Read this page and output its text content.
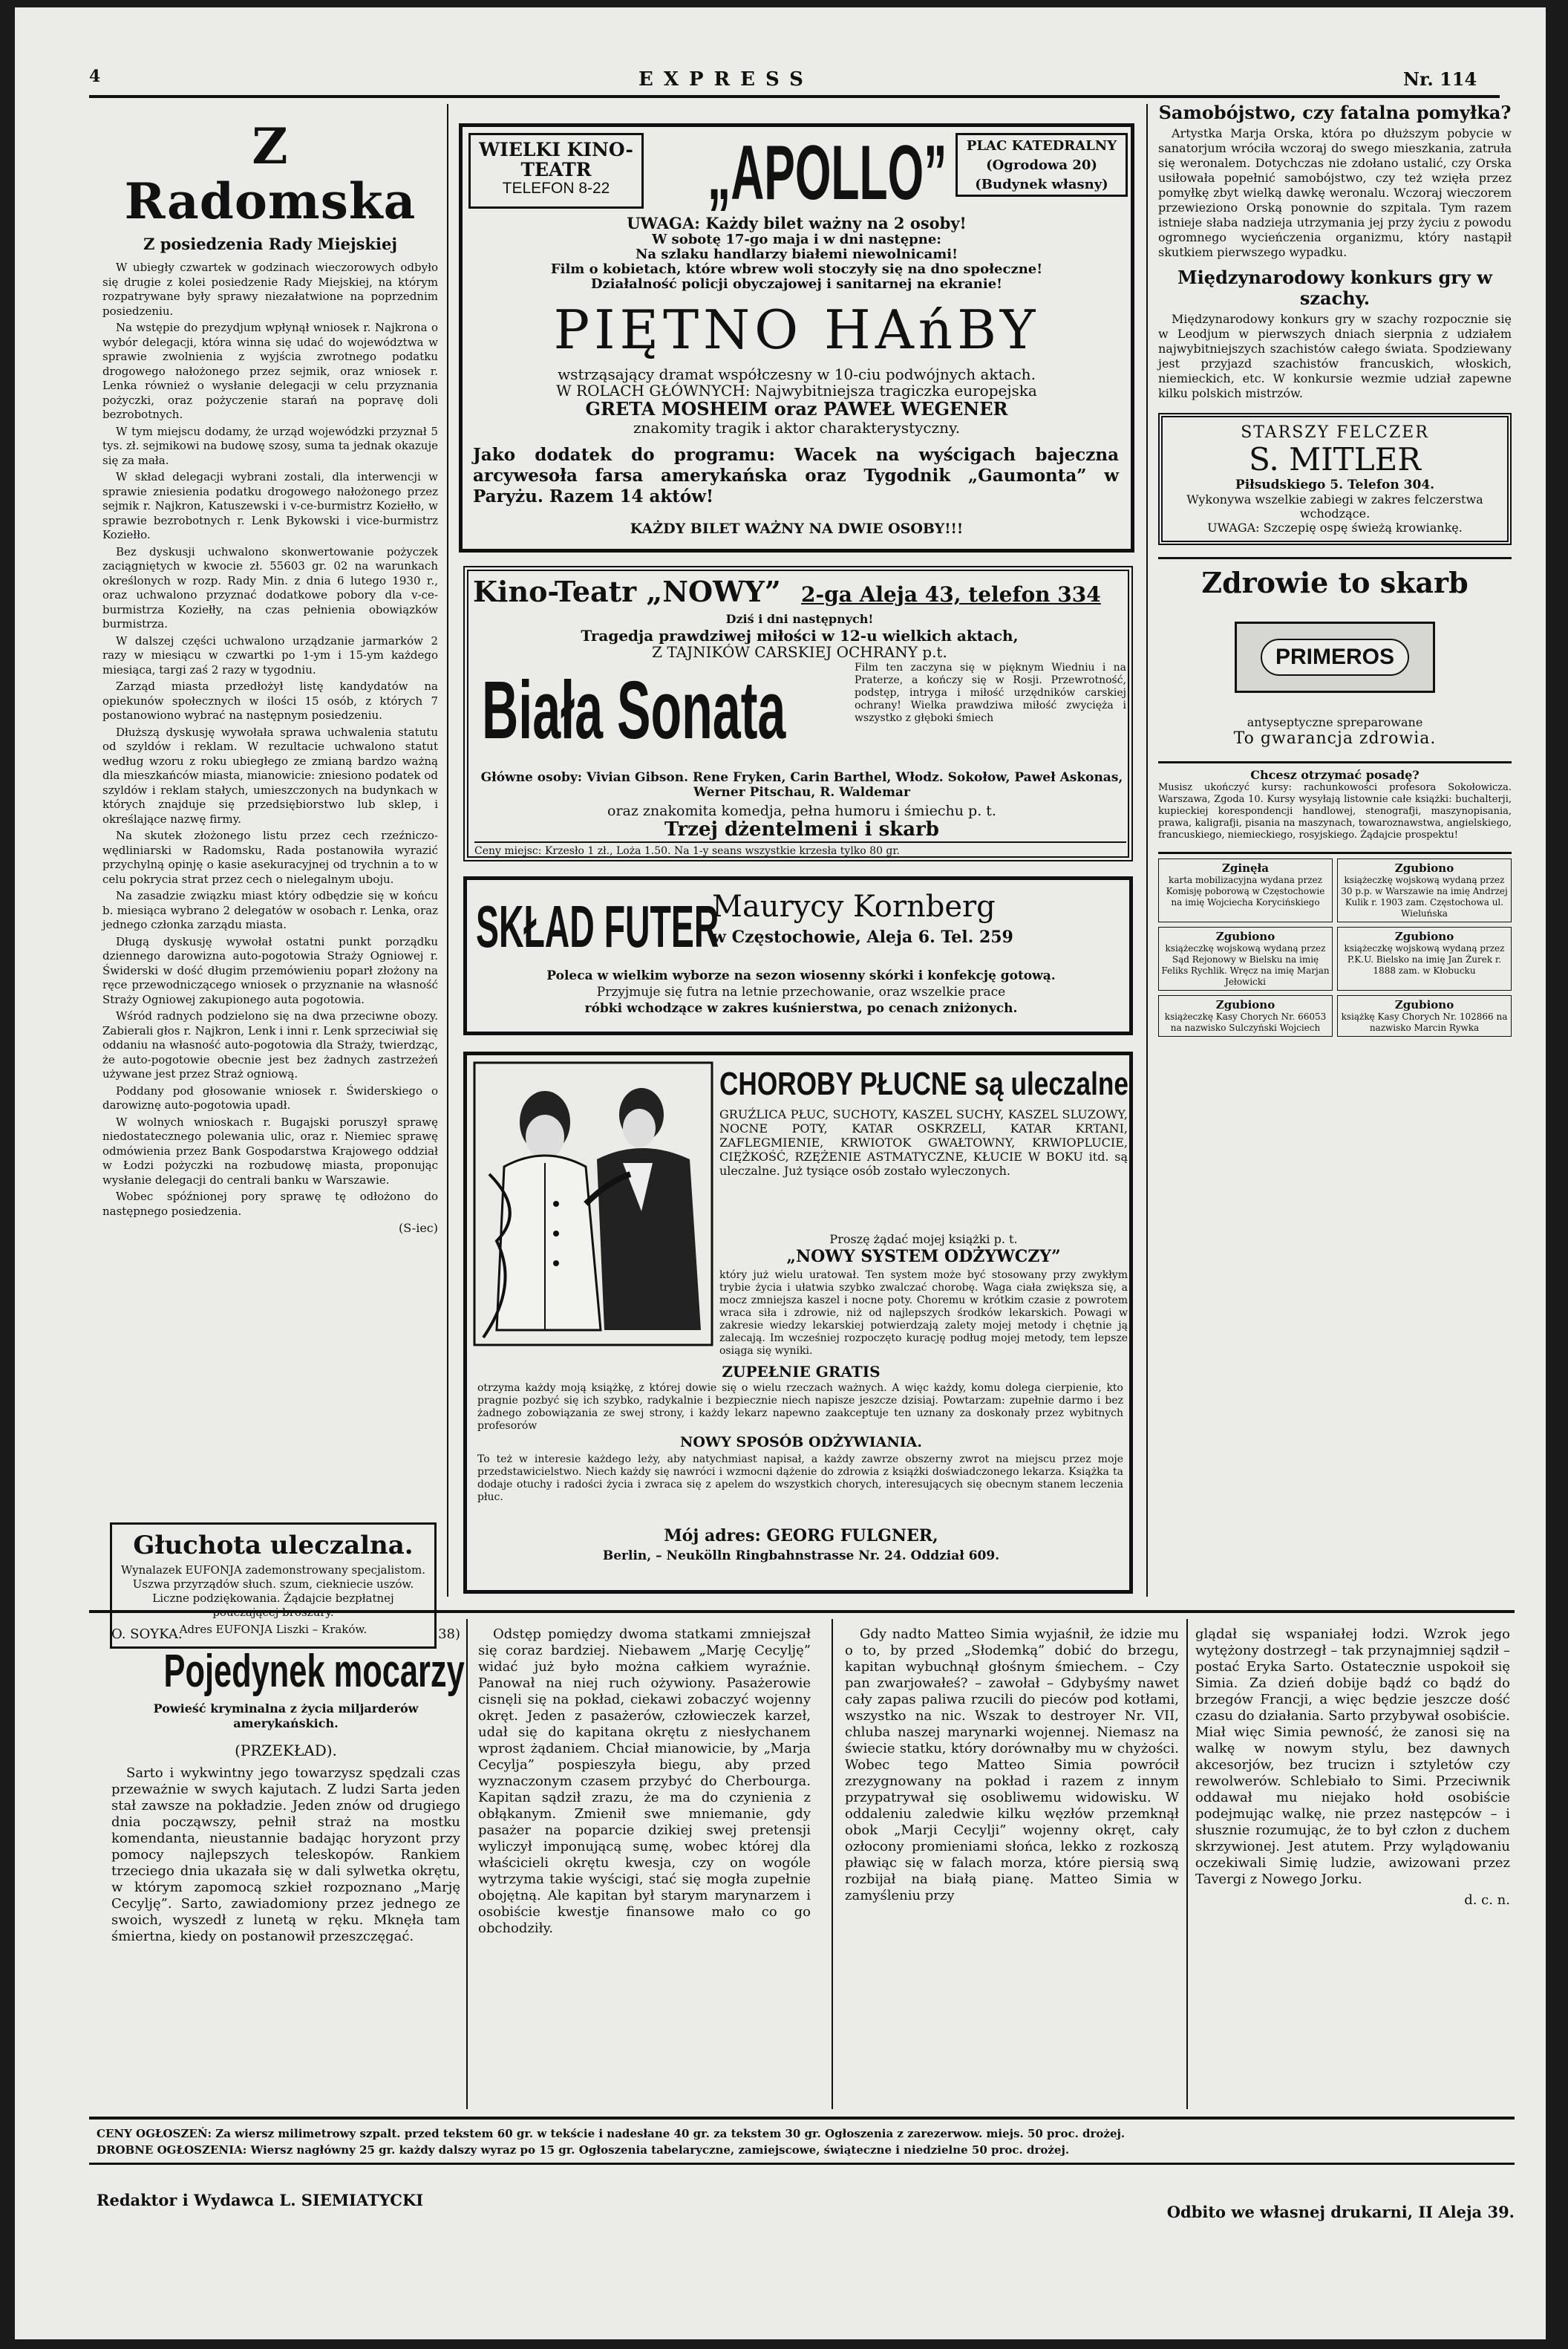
4	EXPRESS	Nr. 114
Z Radomska
Z posiedzenia Rady Miejskiej

W ubiegły czwartek w godzinach wieczorowych odbyło się drugie z kolei posiedzenie Rady Miejskiej, na którym rozpatrywane były sprawy niezałatwione na poprzednim posiedzeniu.

Na wstępie do prezydjum wpłynął wniosek r. Najkrona o wybór delegacji, która winna się udać do województwa w sprawie zwolnienia z wyjścia zwrotnego podatku drogowego nałożonego przez sejmik, oraz wniosek r. Lenka również o wysłanie delegacji w celu przyznania pożyczki, oraz pożyczenie starań na popravę doli bezrobotnych.

W tym miejscu dodamy, że urząd wojewódzki przyznał 5 tys. zł. sejmikowi na budowę szosy, suma ta jednak okazuje się za mała.

W skład delegacji wybrani zostali, dla interwencji w sprawie zniesienia podatku drogowego nałożonego przez sejmik r. Najkron, Katuszewski i v-ce-burmistrz Koziełło, w sprawie bezrobotnych r. Lenk Bykowski i vice-burmistrz Koziełło.

Bez dyskusji uchwalono skonwertowanie pożyczek zaciągniętych w kwocie zł. 55603 gr. 02 na warunkach określonych w rozp. Rady Min. z dnia 6 lutego 1930 r., oraz uchwalono przyznać dodatkowe pobory dla v-ce-burmistrza Koziełły, na czas pełnienia obowiązków burmistrza.

W dalszej części uchwalono urządzanie jarmarków 2 razy w miesiącu w czwartki po 1-ym i 15-ym każdego miesiąca, targi zaś 2 razy w tygodniu.

Zarząd miasta przedłożył listę kandydatów na opiekunów społecznych w ilości 15 osób, z których 7 postanowiono wybrać na następnym posiedzeniu.

Dłuższą dyskusję wywołała sprawa uchwalenia statutu od szyldów i reklam. W rezultacie uchwalono statut według wzoru z roku ubiegłego ze zmianą bardzo ważną dla mieszkańców miasta, mianowicie: zniesiono podatek od szyldów i reklam stałych, umieszczonych na budynkach w których znajduje się przedsiębiorstwo lub sklep, i określające nazwę firmy.

Na skutek złożonego listu przez cech rzeźniczo-wędliniarski w Radomsku, Rada postanowiła wyrazić przychylną opinję o kasie asekuracyjnej od trychnin a to w celu pokrycia strat przez cech o nielegalnym uboju.

Na zasadzie związku miast który odbędzie się w końcu b. miesiąca wybrano 2 delegatów w osobach r. Lenka, oraz jednego członka zarządu miasta.

Długą dyskusję wywołał ostatni punkt porządku dziennego darowizna auto-pogotowia Straży Ogniowej r. Świderski w dość długim przemówieniu poparł złożony na ręce przewodniczącego wniosek o przyznanie na własność Straży Ogniowej zakupionego auta pogotowia.

Wśród radnych podzielono się na dwa przeciwne obozy. Zabierali głos r. Najkron, Lenk i inni r. Lenk sprzeciwiał się oddaniu na własność auto-pogotowia dla Straży, twierdząc, że auto-pogotowie obecnie jest bez żadnych zastrzeżeń używane jest przez Straż ogniową.

Poddany pod głosowanie wniosek r. Świderskiego o darowiznę auto-pogotowia upadł.

W wolnych wnioskach r. Bugajski poruszył sprawę niedostatecznego polewania ulic, oraz r. Niemiec sprawę odmówienia przez Bank Gospodarstwa Krajowego oddział w Łodzi pożyczki na rozbudowę miasta, proponując wysłanie delegacji do centrali banku w Warszawie.

Wobec spóźnionej pory sprawę tę odłożono do następnego posiedzenia.

(S-iec)
Głuchota uleczalna.
Wynalazek EUFONJA zademonstrowany specjalistom. Uszwa przyrządów słuch. szum, ciekniecie uszów. Liczne podziękowania. Żądajcie bezpłatnej
Adres EUFONJA Liszki – Kraków.
WIELKI KINO-TEATR
TELEFON 8-22	„APOLLO”	PLAC KATEDRALNY (Ogrodowa 20) (Budynek własny)
UWAGA: Każdy bilet ważny na 2 osoby!
W sobotę 17-go maja i w dni następne:
Na szlaku handlarzy białemi niewolnicami!
Film o kobietach, które wbrew woli stoczyły się na dno społeczne!
Działalność policji obyczajowej i sanitarnej na ekranie!
PIĘTNO HAńBY
wstrząsający dramat współczesny w 10-ciu podwójnych aktach.
W ROLACH GŁÓWNYCH: Najwybitniejsza tragiczka europejska
GRETA MOSHEIM oraz PAWEŁ WEGENER
znakomity tragik i aktor charakterystyczny.
Jako dodatek do programu: Wacek na wyścigach bajeczna arcywesoła farsa amerykańska oraz Tygodnik „Gaumonta” w Paryżu. Razem 14 aktów!
KAŻDY BILET WAŻNY NA DWIE OSOBY!!!
Kino-Teatr „NOWY” 2-ga Aleja 43, telefon 334
Dziś i dni następnych!
Tragedja prawdziwej miłości w 12-u wielkich aktach,
Z TAJNIKÓW CARSKIEJ OCHRANY p.t.
Biała Sonata	Film ten zaczyna się w pięknym Wiedniu i na Praterze, a kończy się w Rosji. Przewrotność, podstęp, intryga i miłość urzędników carskiej ochrany! Wielka prawdziwa miłość zwycięża i wszystko z głęboki śmiech
Główne osoby: Vivian Gibson. Rene Fryken, Carin Barthel, Włodz. Sokołow, Paweł Askonas, Werner Pitschau, R. Waldemar
oraz znakomita komedja, pełna humoru i śmiechu p. t.
Trzej dżentelmeni i skarb
Ceny miejsc: Krzesło 1 zł., Loża 1.50. Na 1-y seans wszystkie krzesła tylko 80 gr.
SKŁAD FUTER
Maurycy Kornberg
w Częstochowie, Aleja 6. Tel. 259
Poleca w wielkim wyborze na sezon wiosenny skórki i konfekcję gotową.
Przyjmuje się futra na letnie przechowanie, oraz wszelkie prace
róbki wchodzące w zakres kuśnierstwa, po cenach zniżonych.
CHOROBY PŁUCNE są uleczalne
GRUŹLICA PŁUC, SUCHOTY, KASZEL SUCHY, KASZEL SLUZOWY, NOCNE POTY, KATAR OSKRZELI, KATAR KRTANI, ZAFLEGMIENIE, KRWIOTOK GWAŁTOWNY, KRWIOPLUCIE, CIĘŻKOŚĆ, RZĘŻENIE ASTMATYCZNE, KŁUCIE W BOKU itd. są uleczalne. Już tysiące osób zostało wyleczonych.
Proszę żądać mojej książki p. t.
„NOWY SYSTEM ODŻYWCZY”
który już wielu uratował. Ten system może być stosowany przy zwykłym trybie życia i ułatwia szybko zwalczać chorobę. Waga ciała zwiększa się, a mocz zmniejsza kaszel i nocne poty. Choremu w krótkim czasie z powrotem wraca siła i zdrowie, niż od najlepszych środków lekarskich. Powagi w zakresie wiedzy lekarskiej potwierdzają zalety mojej metody i chętnie ją zalecają. Im wcześniej rozpoczęto kurację podług mojej metody, tem lepsze osiąga się wyniki.
ZUPEŁNIE GRATIS
otrzyma każdy moją książkę, z której dowie się o wielu rzeczach ważnych. A więc każdy, komu dolega cierpienie, kto pragnie pozbyć się ich szybko, radykalnie i bezpiecznie niech napisze jeszcze dzisiaj. Powtarzam: zupełnie darmo i bez żadnego zobowiązania ze swej strony, i każdy lekarz napewno zaakceptuje ten uznany za doskonały przez wybitnych profesorów
NOWY SPOSÓB ODŻYWIANIA.
To też w interesie każdego leży, aby natychmiast napisał, a każdy zawrze obszerny zwrot na miejscu przez moje przedstawicielstwo. Niech każdy się nawróci i wzmocni dążenie do zdrowia z książki doświadczonego lekarza. Książka ta dodaje otuchy i radości życia i zwraca się z apelem do wszystkich chorych, interesujących się obecnym stanem leczenia płuc.
Mój adres: GEORG FULGNER,
Berlin, – Neukölln Ringbahnstrasse Nr. 24. Oddział 609.
Samobójstwo, czy fatalna pomyłka?
Artystka Marja Orska, która po dłuższym pobycie w sanatorjum wróciła wczoraj do swego mieszkania, zatruła się weronalem. Dotychczas nie zdołano ustalić, czy Orska usiłowała popełnić samobójstwo, czy też wzięła przez pomyłkę zbyt wielką dawkę weronalu. Wczoraj wieczorem przewieziono Orską ponownie do szpitala. Tym razem istnieje słaba nadzieja utrzymania jej przy życiu z powodu ogromnego wycieńczenia organizmu, który nastąpił skutkiem pierwszego wypadku.
Międzynarodowy konkurs gry w szachy.
Międzynarodowy konkurs gry w szachy rozpocznie się w Leodjum w pierwszych dniach sierpnia z udziałem najwybitniejszych szachistów całego świata. Spodziewany jest przyjazd szachistów francuskich, włoskich, niemieckich, etc. W konkursie wezmie udział zapewne kilku polskich mistrzów.
STARSZY FELCZER
S. MITLER
Piłsudskiego 5. Telefon 304.
Wykonywa wszelkie zabiegi w zakres felczerstwa wchodzące.
UWAGA: Szczepię ospę świeżą krowiankę.
Zdrowie to skarb
PRIMEROS
antyseptyczne spreparowane
To gwarancja zdrowia.
Chcesz otrzymać posadę?
Musisz ukończyć kursy: rachunkowości profesora Sokołowicza. Warszawa, Zgoda 10. Kursy wysyłają listownie całe książki: buchalterji, kupieckiej korespondencji handlowej, stenografji, maszynopisania, prawa, kaligrafji, pisania na maszynach, towaroznawstwa, angielskiego, francuskiego, niemieckiego, rosyjskiego. Żądajcie prospektu!
Zginęła
karta mobilizacyjna wydana przez Komisję poborową w Częstochowie na imię Wojciecha Korycińskiego
Zgubiono
książeczkę wojskową wydaną przez 30 p.p. w Warszawie na imię Andrzej Kulik r. 1903 zam. Częstochowa ul. Wieluńska
Zgubiono
książeczkę wojskową wydaną przez Sąd Rejonowy w Bielsku na imię Feliks Rychlik. Wręcz na imię Marjan Jełowicki
Zgubiono
książeczkę wojskową wydaną przez P.K.U. Bielsko na imię Jan Żurek r. 1888 zam. w Kłobucku
Zgubiono
książeczkę Kasy Chorych Nr. 66053 na nazwisko Sulczyński Wojciech
Zgubiono
książkę Kasy Chorych Nr. 102866 na nazwisko Marcin Rywka
O. SOYKA.	38)
Pojedynek mocarzy
Powieść kryminalna z życia miljarderów amerykańskich.
(PRZEKŁAD).
Sarto i wykwintny jego towarzysz spędzali czas przeważnie w swych kajutach. Z ludzi Sarta jeden stał zawsze na pokładzie. Jeden znów od drugiego dnia począwszy, pełnił straż na mostku komendanta, nieustannie badając horyzont przy pomocy najlepszych teleskopów. Rankiem trzeciego dnia ukazała się w dali sylwetka okrętu, w którym zapomocą szkieł rozpoznano „Marję Cecylję”. Sarto, zawiadomiony przez jednego ze swoich, wyszedł z lunetą w ręku. Mknęła tam śmiertna, kiedy on postanowił przeszczęgać.
Odstęp pomiędzy dwoma statkami zmniejszał się coraz bardziej. Niebawem „Marję Cecylję” widać już było można całkiem wyraźnie. Panował na niej ruch ożywiony. Pasażerowie cisnęli się na pokład, ciekawi zobaczyć wojenny okręt. Jeden z pasażerów, człowieczek karzeł, udał się do kapitana okrętu z niesłychanem wprost żądaniem. Chciał mianowicie, by „Marja Cecylja” pospieszyła biegu, aby przed wyznaczonym czasem przybyć do Cherbourga. Kapitan sądził zrazu, że ma do czynienia z obłąkanym. Zmienił swe mniemanie, gdy pasażer na poparcie dzikiej swej pretensji wyliczył imponującą sumę, wobec której dla właścicieli okrętu kwesja, czy on wogóle wytrzyma takie wyścigi, stać się mogła zupełnie obojętną. Ale kapitan był starym marynarzem i osobiście kwestje finansowe mało co go obchodziły.
Gdy nadto Matteo Simia wyjaśnił, że idzie mu o to, by przed „Słodemką” dobić do brzegu, kapitan wybuchnął głośnym śmiechem. – Czy pan zwarjowałeś? – zawołał – Gdybyśmy nawet cały zapas paliwa rzucili do pieców pod kotłami, wszystko na nic. Wszak to destroyer Nr. VII, chluba naszej marynarki wojennej. Niemasz na świecie statku, który dorównałby mu w chyżości. Wobec tego Matteo Simia powrócił zrezygnowany na pokład i razem z innym przypatrywał się osobliwemu widowisku. W oddaleniu zaledwie kilku węzłów przemknął obok „Marji Cecylji” wojenny okręt, cały ozłocony promieniami słońca, lekko z rozkoszą pławiąc się w falach morza, które piersią swą rozbijał na białą pianę. Matteo Simia w zamyśleniu przy
glądał się wspaniałej łodzi. Wzrok jego wytężony dostrzegł – tak przynajmniej sądził – postać Eryka Sarto. Ostatecznie uspokoił się Simia. Za dzień dobije bądź co bądź do brzegów Francji, a więc będzie jeszcze dość czasu do działania. Sarto przybywał osobiście. Miał więc Simia pewność, że zanosi się na walkę w nowym stylu, bez dawnych akcesorjów, bez trucizn i sztyletów czy rewolwerów. Schlebiało to Simi. Przeciwnik oddawał mu niejako hołd osobiście podejmując walkę, nie przez następców – i słusznie rozumując, że to był człon z duchem skrzywionej. Jest atutem. Przy wylądowaniu oczekiwali Simię ludzie, awizowani przez Tavergi z Nowego Jorku.
d. c. n.
CENY OGŁOSZEŃ: Za wiersz milimetrowy szpalt. przed tekstem 60 gr. w tekście i nadesłane 40 gr. za tekstem 30 gr. Ogłoszenia z zarezerwow. miejs. 50 proc. drożej.
DROBNE OGŁOSZENIA: Wiersz nagłówny 25 gr. każdy dalszy wyraz po 15 gr. Ogłoszenia tabelaryczne, zamiejscowe, świąteczne i niedzielne 50 proc. drożej.
Redaktor i Wydawca L. SIEMIATYCKI
Odbito we własnej drukarni, II Aleja 39.
